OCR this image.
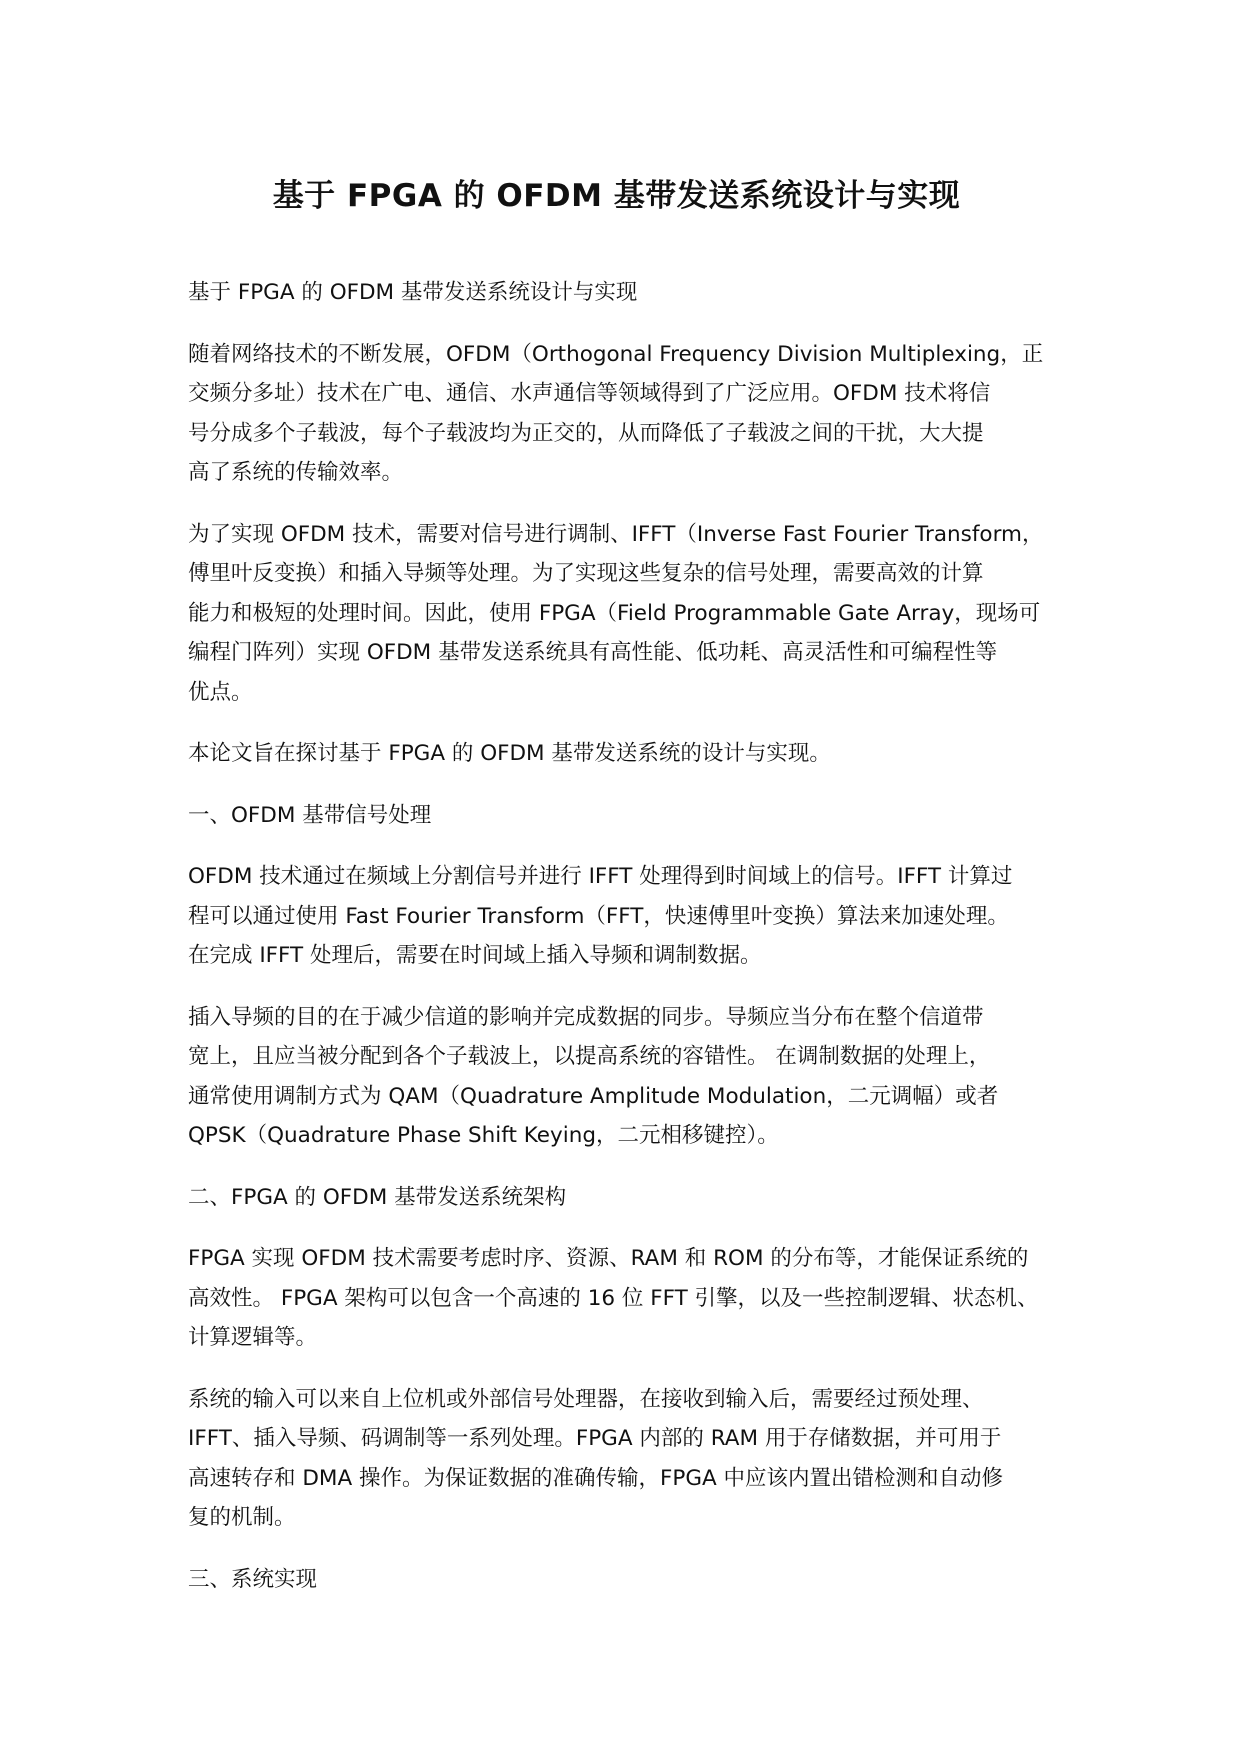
基于 FPGA 的 OFDM 基带发送系统设计与实现

基于 FPGA 的 OFDM 基带发送系统设计与实现

随着网络技术的不断发展，OFDM（Orthogonal Frequency Division Multiplexing，正
交频分多址）技术在广电、通信、水声通信等领域得到了广泛应用。OFDM 技术将信
号分成多个子载波，每个子载波均为正交的，从而降低了子载波之间的干扰，大大提
高了系统的传输效率。

为了实现 OFDM 技术，需要对信号进行调制、IFFT（Inverse Fast Fourier Transform，
傅里叶反变换）和插入导频等处理。为了实现这些复杂的信号处理，需要高效的计算
能力和极短的处理时间。因此，使用 FPGA（Field Programmable Gate Array，现场可
编程门阵列）实现 OFDM 基带发送系统具有高性能、低功耗、高灵活性和可编程性等
优点。

本论文旨在探讨基于 FPGA 的 OFDM 基带发送系统的设计与实现。

一、OFDM 基带信号处理

OFDM 技术通过在频域上分割信号并进行 IFFT 处理得到时间域上的信号。IFFT 计算过
程可以通过使用 Fast Fourier Transform（FFT，快速傅里叶变换）算法来加速处理。
在完成 IFFT 处理后，需要在时间域上插入导频和调制数据。

插入导频的目的在于减少信道的影响并完成数据的同步。导频应当分布在整个信道带
宽上，且应当被分配到各个子载波上，以提高系统的容错性。 在调制数据的处理上，
通常使用调制方式为 QAM（Quadrature Amplitude Modulation，二元调幅）或者
QPSK（Quadrature Phase Shift Keying，二元相移键控）。

二、FPGA 的 OFDM 基带发送系统架构

FPGA 实现 OFDM 技术需要考虑时序、资源、RAM 和 ROM 的分布等，才能保证系统的
高效性。 FPGA 架构可以包含一个高速的 16 位 FFT 引擎，以及一些控制逻辑、状态机、
计算逻辑等。

系统的输入可以来自上位机或外部信号处理器，在接收到输入后，需要经过预处理、
IFFT、插入导频、码调制等一系列处理。FPGA 内部的 RAM 用于存储数据，并可用于
高速转存和 DMA 操作。为保证数据的准确传输，FPGA 中应该内置出错检测和自动修
复的机制。

三、系统实现
